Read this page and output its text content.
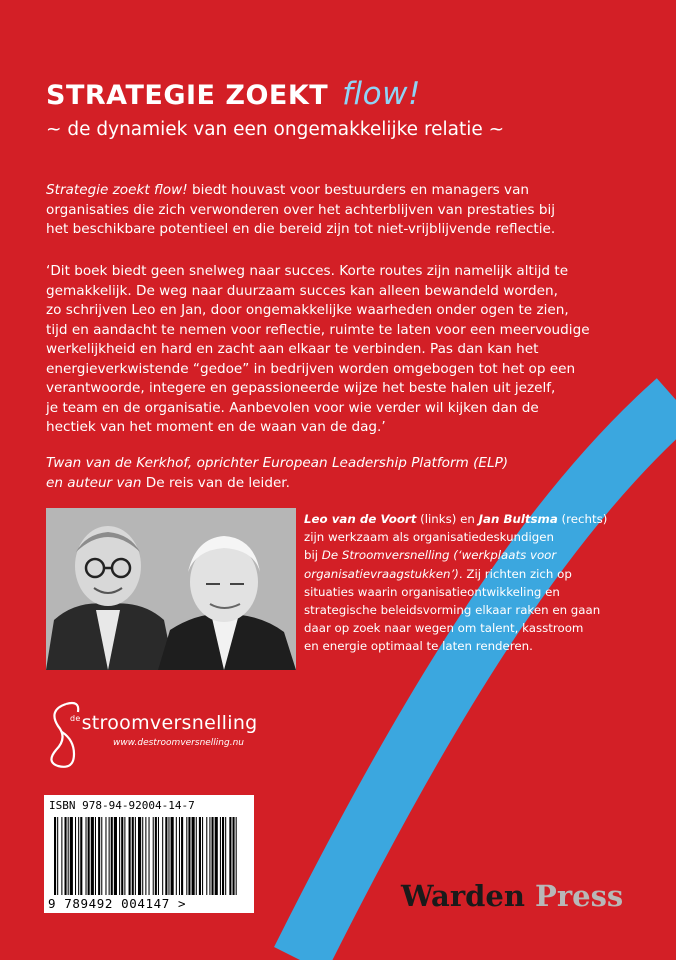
STRATEGIE ZOEKT flow!
~ de dynamiek van een ongemakkelijke relatie ~
Strategie zoekt flow! biedt houvast voor bestuurders en managers van
organisaties die zich verwonderen over het achterblijven van prestaties bij
het beschikbare potentieel en die bereid zijn tot niet-vrijblijvende reflectie.
‘Dit boek biedt geen snelweg naar succes. Korte routes zijn namelijk altijd te
gemakkelijk. De weg naar duurzaam succes kan alleen bewandeld worden,
zo schrijven Leo en Jan, door ongemakkelijke waarheden onder ogen te zien,
tijd en aandacht te nemen voor reflectie, ruimte te laten voor een meervoudige
werkelijkheid en hard en zacht aan elkaar te verbinden. Pas dan kan het
energieverkwistende “gedoe” in bedrijven worden omgebogen tot het op een
verantwoorde, integere en gepassioneerde wijze het beste halen uit jezelf,
je team en de organisatie. Aanbevolen voor wie verder wil kijken dan de
hectiek van het moment en de waan van de dag.’
Twan van de Kerkhof, oprichter European Leadership Platform (ELP)
en auteur van De reis van de leider.
Leo van de Voort (links) en Jan Bultsma (rechts)
zijn werkzaam als organisatiedeskundigen
bij De Stroomversnelling (‘werkplaats voor
organisatievraagstukken’). Zij richten zich op
situaties waarin organisatieontwikkeling en
strategische beleidsvorming elkaar raken en gaan
daar op zoek naar wegen om talent, kasstroom
en energie optimaal te laten renderen.
$^{de}$stroomversnelling
www.destroomversnelling.nu
ISBN 978-94-92004-14-7
9 789492 004147 >	Warden Press
